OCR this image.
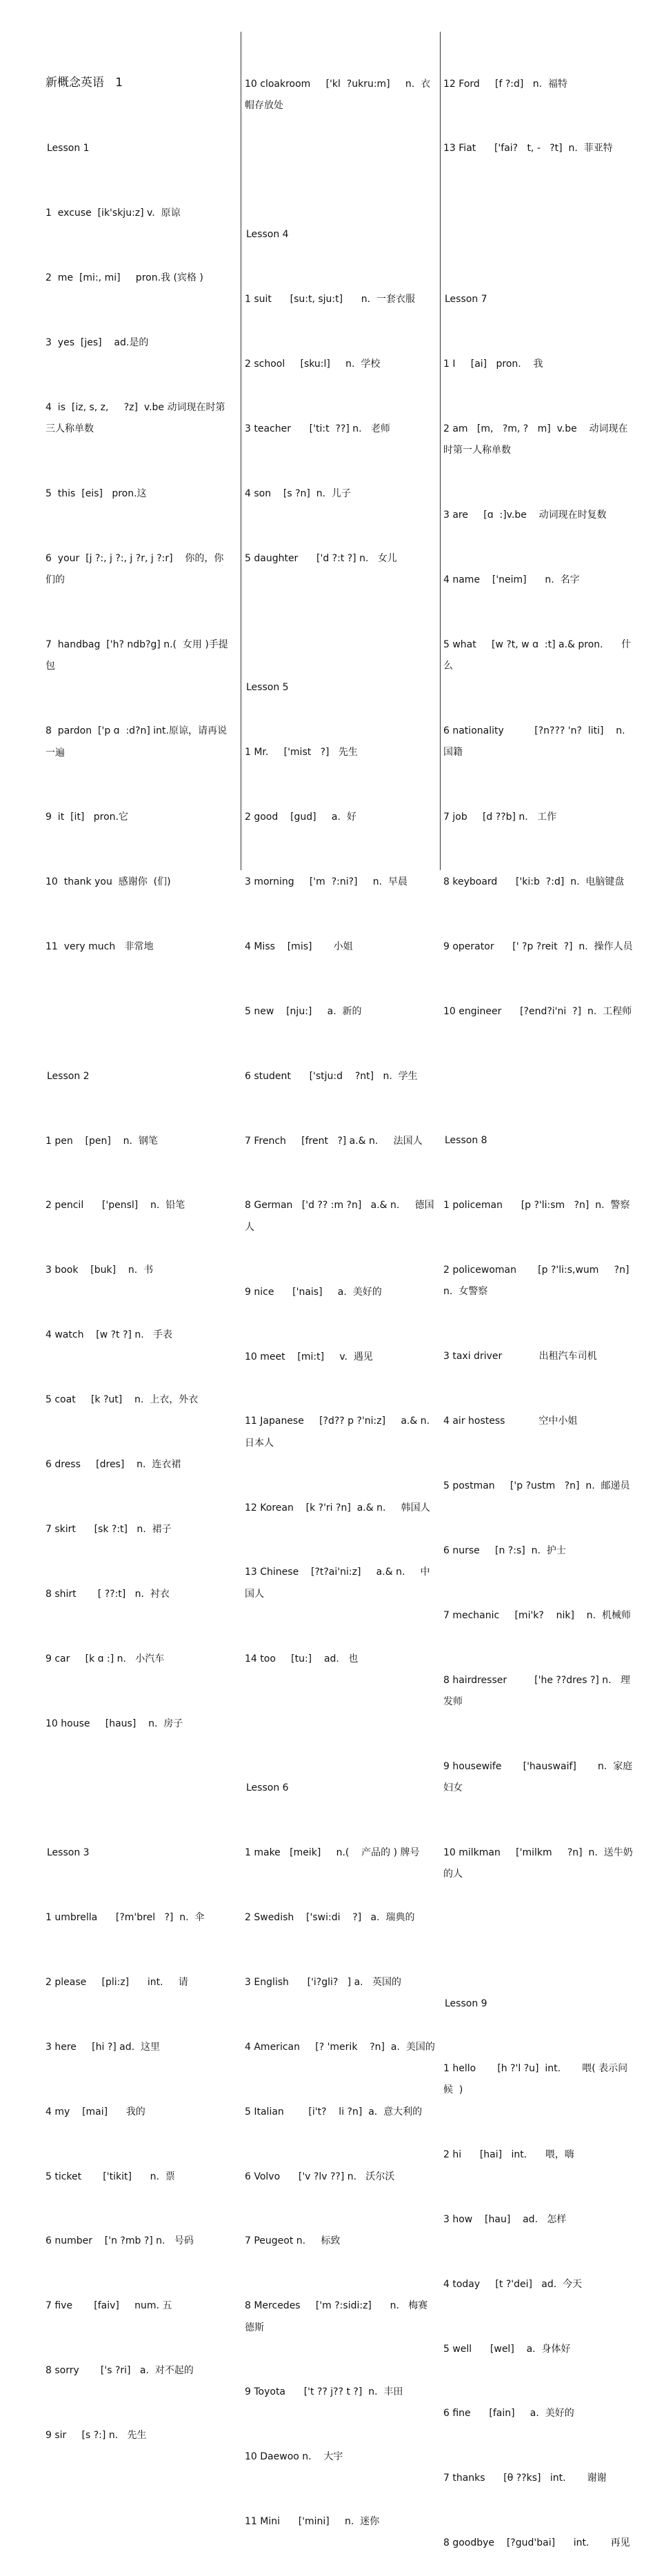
新概念英语   1

Lesson 1

1  excuse  [ik'skju:z] v.  原谅

2  me  [mi:, mi]     pron.我 (宾格 )

3  yes  [jes]    ad.是的

4  is  [iz, s, z,     ?z]  v.be 动词现在时第三人称单数

5  this  [eis]   pron.这

6  your  [j ?:, j ?:, j ?r, j ?:r]    你的，你们的

7  handbag  ['h? ndb?g] n.(  女用 )手提包

8  pardon  ['p ɑ  :d?n] int.原谅，请再说一遍

9  it  [it]   pron.它

10  thank you  感谢你  (们)

11  very much   非常地

Lesson 2

1 pen    [pen]    n.  钢笔

2 pencil      ['pensl]    n.  铅笔

3 book    [buk]    n.  书

4 watch    [w ?t ?] n.   手表

5 coat     [k ?ut]    n.  上衣，外衣

6 dress     [dres]    n.  连衣裙

7 skirt      [sk ?:t]   n.  裙子

8 shirt       [ ??:t]   n.  衬衣

9 car     [k ɑ :] n.   小汽车

10 house     [haus]    n.  房子

Lesson 3

1 umbrella      [?m'brel   ?]  n.  伞

2 please     [pli:z]      int.     请

3 here     [hi ?] ad.  这里

4 my    [mai]      我的

5 ticket       ['tikit]      n.  票

6 number    ['n ?mb ?] n.   号码

7 five       [faiv]     num. 五

8 sorry       ['s ?ri]   a.  对不起的

9 sir     [s ?:] n.   先生

10 cloakroom     ['kl  ?ukru:m]     n.  衣帽存放处

Lesson 4

1 suit      [su:t, sju:t]      n.  一套衣服

2 school     [sku:l]     n.  学校

3 teacher      ['ti:t  ??] n.   老师

4 son    [s ?n]  n.  儿子

5 daughter      ['d ?:t ?] n.   女儿

Lesson 5

1 Mr.     ['mist   ?]   先生

2 good    [gud]     a.  好

3 morning     ['m  ?:ni?]     n.  早晨

4 Miss    [mis]       小姐

5 new    [nju:]     a.  新的

6 student      ['stju:d    ?nt]   n.  学生

7 French     [frent   ?] a.& n.     法国人

8 German   ['d ?? :m ?n]   a.& n.     德国人

9 nice      ['nais]     a.  美好的

10 meet    [mi:t]     v.  遇见

11 Japanese     [?d?? p ?'ni:z]     a.& n.     日本人

12 Korean    [k ?'ri ?n]  a.& n.     韩国人

13 Chinese    [?t?ai'ni:z]     a.& n.     中国人

14 too     [tu:]    ad.   也

Lesson 6

1 make   [meik]     n.(    产品的 ) 牌号

2 Swedish    ['swi:di    ?]   a.  瑞典的

3 English      ['i?gli?   ] a.   英国的

4 American     [? 'merik    ?n]  a.  美国的

5 Italian        [i't?    li ?n]  a.  意大利的

6 Volvo      ['v ?lv ??] n.   沃尔沃

7 Peugeot n.     标致

8 Mercedes     ['m ?:sidi:z]      n.   梅赛德斯

9 Toyota      ['t ?? j?? t ?]  n.  丰田

10 Daewoo n.    大宇

11 Mini      ['mini]     n.  迷你

12 Ford     [f ?:d]   n.  福特

13 Fiat      ['fai?   t, -   ?t]  n.  菲亚特

Lesson 7

1 I     [ai]   pron.    我

2 am   [m,   ?m, ?   m]  v.be    动词现在时第一人称单数

3 are     [ɑ  :]v.be    动词现在时复数

4 name    ['neim]      n.  名字

5 what     [w ?t, w ɑ  :t] a.& pron.      什么

6 nationality          [?n??? 'n?  liti]    n.  国籍

7 job     [d ??b] n.   工作

8 keyboard      ['ki:b  ?:d]  n.  电脑键盘

9 operator      [' ?p ?reit  ?]  n.  操作人员

10 engineer      [?end?i'ni  ?]  n.  工程师

Lesson 8

1 policeman      [p ?'li:sm   ?n]  n.  警察

2 policewoman       [p ?'li:s,wum     ?n]  n.  女警察

3 taxi driver            出租汽车司机

4 air hostess           空中小姐

5 postman     ['p ?ustm   ?n]  n.  邮递员

6 nurse     [n ?:s]  n.  护士

7 mechanic     [mi'k?    nik]    n.  机械师

8 hairdresser         ['he ??dres ?] n.   理发师

9 housewife       ['hauswaif]       n.  家庭妇女

10 milkman     ['milkm     ?n]  n.  送牛奶的人

Lesson 9

1 hello       [h ?'l ?u]  int.       喂( 表示问候  )

2 hi      [hai]   int.      喂，嗨

3 how    [hau]    ad.   怎样

4 today     [t ?'dei]   ad.  今天

5 well      [wel]    a.  身体好

6 fine      [fain]     a.  美好的

7 thanks      [θ ??ks]   int.       谢谢

8 goodbye    [?gud'bai]      int.       再见
